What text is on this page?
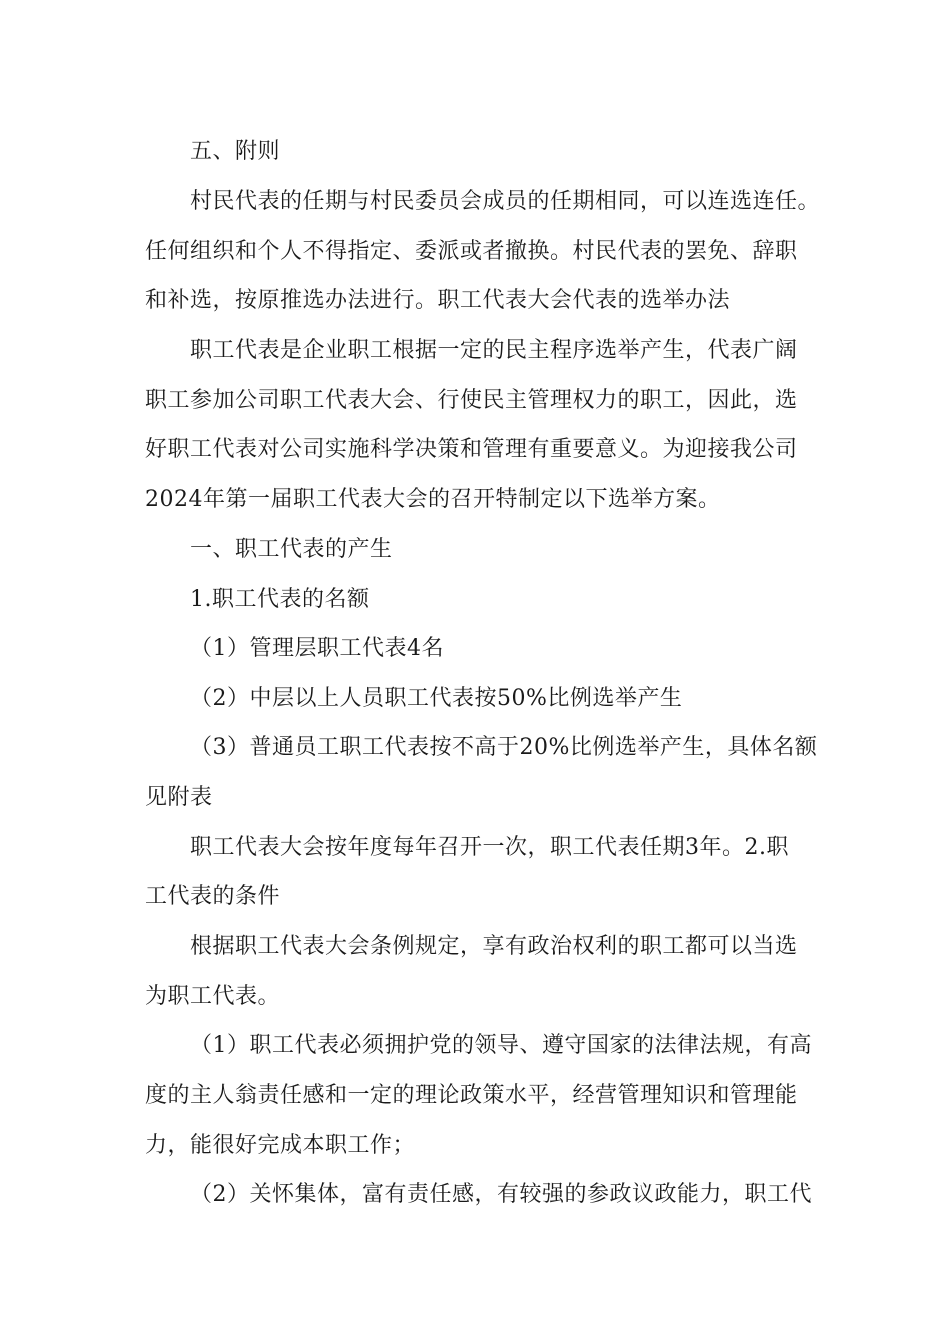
五、附则
村民代表的任期与村民委员会成员的任期相同，可以连选连任。
任何组织和个人不得指定、委派或者撤换。村民代表的罢免、辞职
和补选，按原推选办法进行。职工代表大会代表的选举办法
职工代表是企业职工根据一定的民主程序选举产生，代表广阔
职工参加公司职工代表大会、行使民主管理权力的职工，因此，选
好职工代表对公司实施科学决策和管理有重要意义。为迎接我公司
2024年第一届职工代表大会的召开特制定以下选举方案。
一、职工代表的产生
1.职工代表的名额
（1）管理层职工代表4名
（2）中层以上人员职工代表按50%比例选举产生
（3）普通员工职工代表按不高于20%比例选举产生，具体名额
见附表
职工代表大会按年度每年召开一次，职工代表任期3年。2.职
工代表的条件
根据职工代表大会条例规定，享有政治权利的职工都可以当选
为职工代表。
（1）职工代表必须拥护党的领导、遵守国家的法律法规，有高
度的主人翁责任感和一定的理论政策水平，经营管理知识和管理能
力，能很好完成本职工作；
（2）关怀集体，富有责任感，有较强的参政议政能力，职工代
